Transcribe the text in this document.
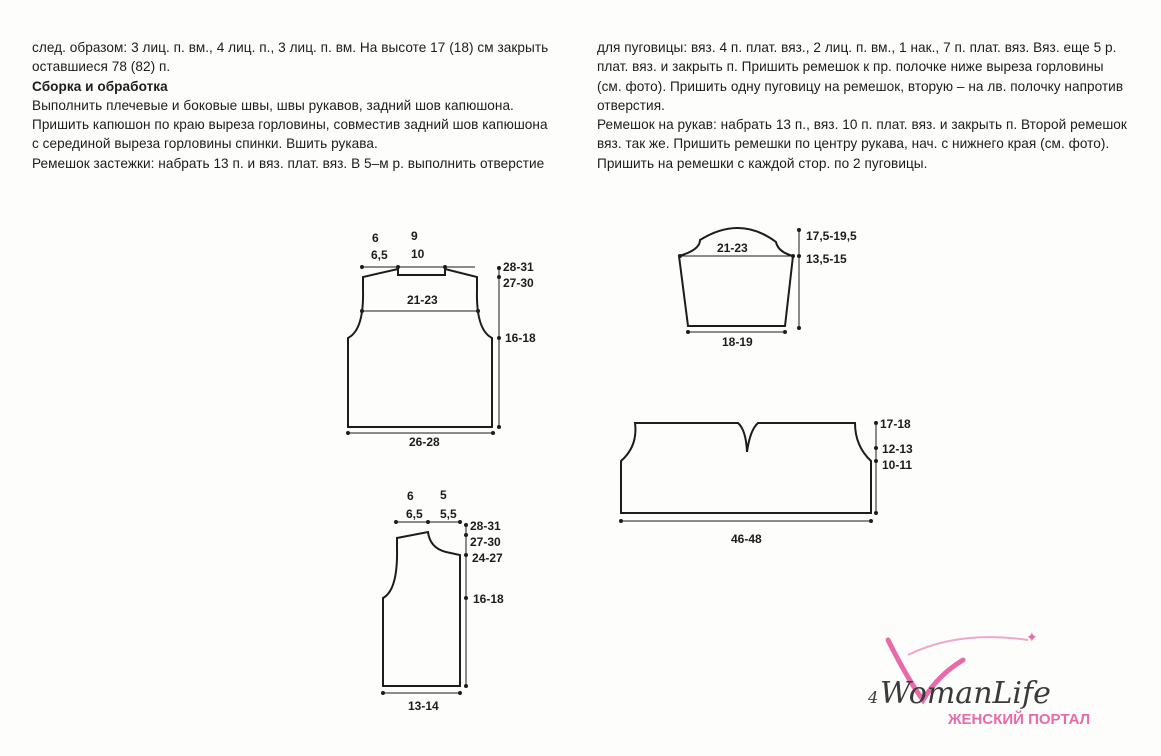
след. образом: 3 лиц. п. вм., 4 лиц. п., 3 лиц. п. вм. На высоте 17 (18) см закрыть

оставшиеся 78 (82) п.

Сборка и обработка

Выполнить плечевые и боковые швы, швы рукавов, задний шов капюшона.

Пришить капюшон по краю выреза горловины, совместив задний шов капюшона

с серединой выреза горловины спинки. Вшить рукава.

Ремешок застежки: набрать 13 п. и вяз. плат. вяз. В 5–м р. выполнить отверстие

для пуговицы: вяз. 4 п. плат. вяз., 2 лиц. п. вм., 1 нак., 7 п. плат. вяз. Вяз. еще 5 р.

плат. вяз. и закрыть п. Пришить ремешок к пр. полочке ниже выреза горловины

(см. фото). Пришить одну пуговицу на ремешок, вторую – на лв. полочку напротив

отверстия.

Ремешок на рукав: набрать 13 п., вяз. 10 п. плат. вяз. и закрыть п. Второй ремешок

вяз. так же. Пришить ремешки по центру рукава, нач. с нижнего края (см. фото).

Пришить на ремешки с каждой стор. по 2 пуговицы.

6
6,5
9
10
21-23
26-28
28-31
27-30
16-18
6
6,5
5
5,5
28-31
27-30
24-27
16-18
13-14
21-23
18-19
17,5-19,5
13,5-15
46-48
17-18
12-13
10-11
✦
4 WomanLife
ЖЕНСКИЙ ПОРТАЛ
